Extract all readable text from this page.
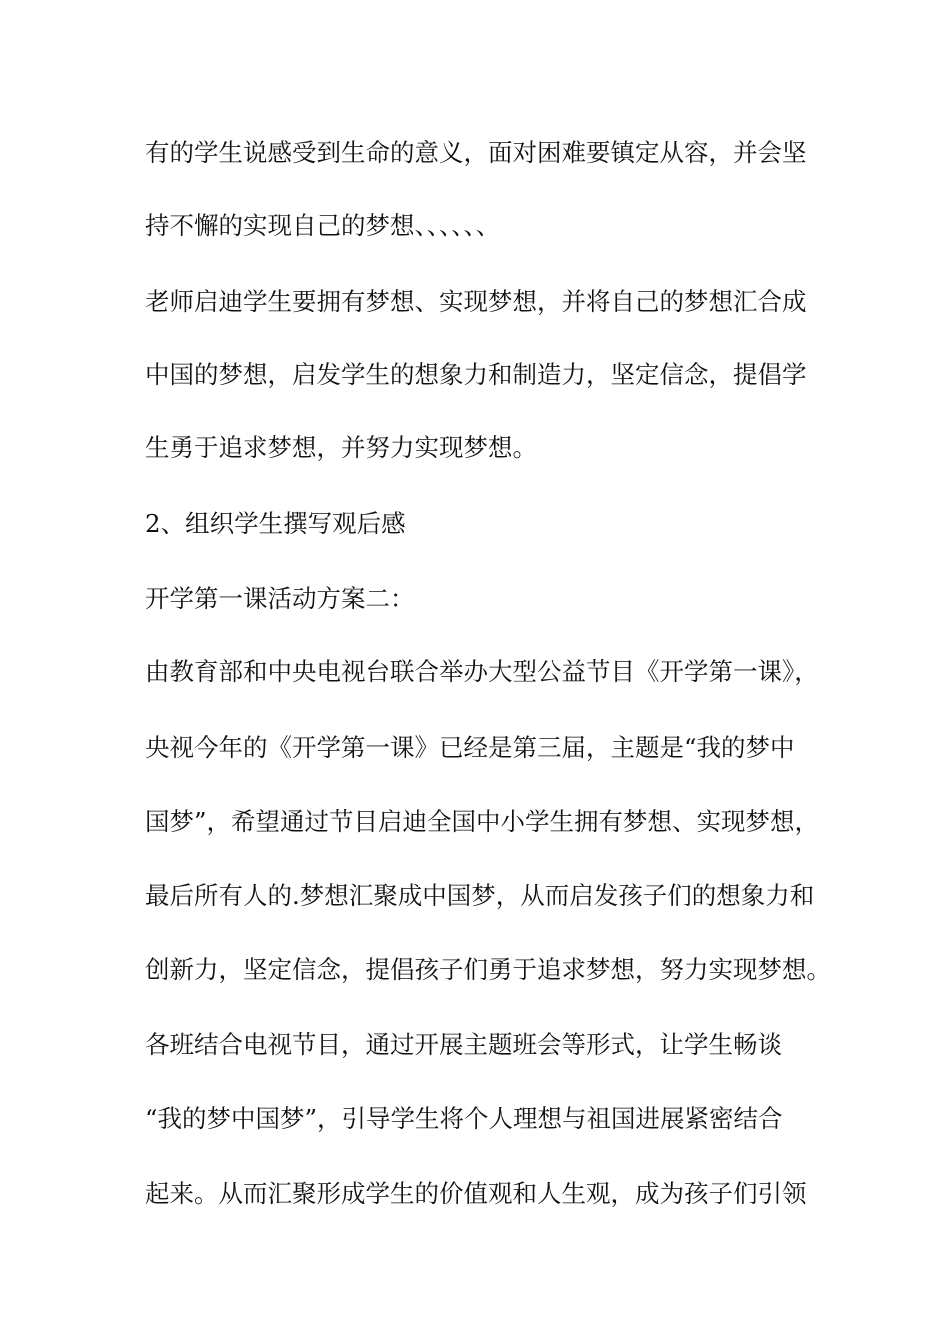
有的学生说感受到生命的意义，面对困难要镇定从容，并会坚
持不懈的实现自己的梦想、、、、、、
老师启迪学生要拥有梦想、实现梦想，并将自己的梦想汇合成
中国的梦想，启发学生的想象力和制造力，坚定信念，提倡学
生勇于追求梦想，并努力实现梦想。
2、组织学生撰写观后感
开学第一课活动方案二：
由教育部和中央电视台联合举办大型公益节目《开学第一课》，
央视今年的《开学第一课》已经是第三届，主题是“我的梦中
国梦”，希望通过节目启迪全国中小学生拥有梦想、实现梦想，
最后所有人的.梦想汇聚成中国梦，从而启发孩子们的想象力和
创新力，坚定信念，提倡孩子们勇于追求梦想，努力实现梦想。
各班结合电视节目，通过开展主题班会等形式，让学生畅谈
“我的梦中国梦”，引导学生将个人理想与祖国进展紧密结合
起来。从而汇聚形成学生的价值观和人生观，成为孩子们引领
